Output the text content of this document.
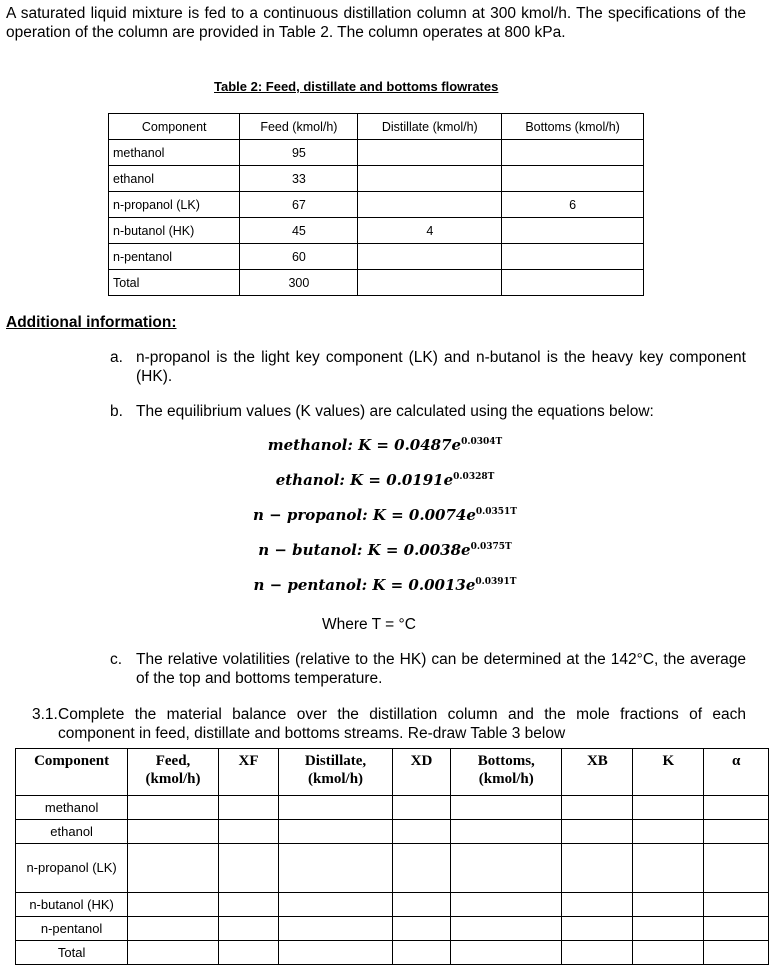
A saturated liquid mixture is fed to a continuous distillation column at 300 kmol/h. The specifications of the operation of the column are provided in Table 2. The column operates at 800 kPa.
Table 2: Feed, distillate and bottoms flowrates
Component	Feed (kmol/h)	Distillate (kmol/h)	Bottoms (kmol/h)
methanol	95		
ethanol	33		
n-propanol (LK)	67		6
n-butanol (HK)	45	4	
n-pentanol	60		
Total	300		
Additional information:
a. n-propanol is the light key component (LK) and n-butanol is the heavy key component (HK).
b. The equilibrium values (K values) are calculated using the equations below:
methanol: $K = 0.0487e^{0.0304T}$
ethanol: $K = 0.0191e^{0.0328T}$
n − propanol: $K = 0.0074e^{0.0351T}$
n − butanol: $K = 0.0038e^{0.0375T}$
n − pentanol: $K = 0.0013e^{0.0391T}$
Where T = °C
c. The relative volatilities (relative to the HK) can be determined at the 142°C, the average of the top and bottoms temperature.
3.1. Complete the material balance over the distillation column and the mole fractions of each component in feed, distillate and bottoms streams. Re-draw Table 3 below
Component	Feed, (kmol/h)	XF	Distillate, (kmol/h)	XD	Bottoms, (kmol/h)	XB	K	α
methanol								
ethanol								
n-propanol (LK)								
n-butanol (HK)								
n-pentanol								
Total								
